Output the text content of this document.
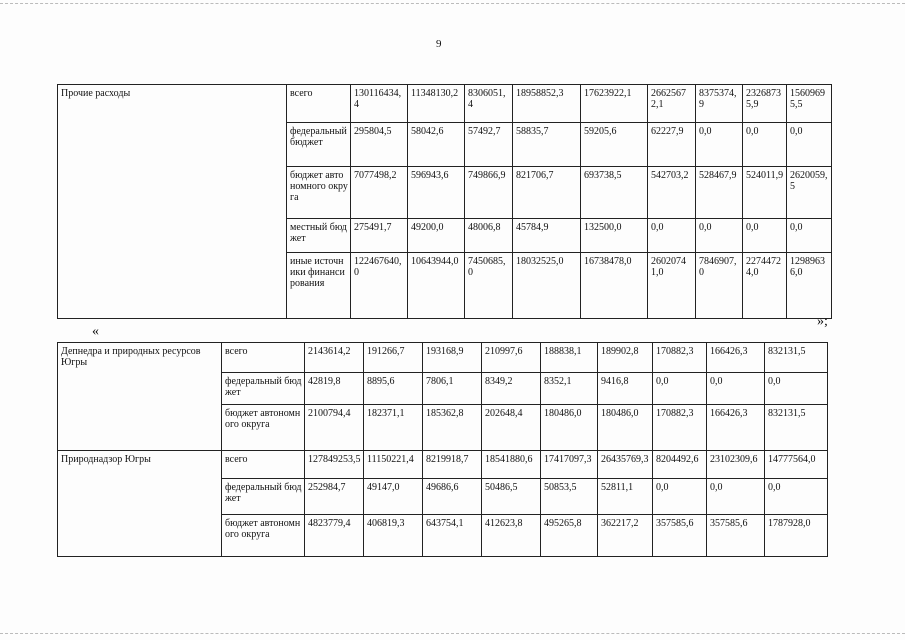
9
Прочие расходы	всего	130116434,4	11348130,2	8306051,4	18958852,3	17623922,1	26625672,1	8375374,9	23268735,9	15609695,5
	федеральный бюджет	295804,5	58042,6	57492,7	58835,7	59205,6	62227,9	0,0	0,0	0,0
	бюджет автономного округа	7077498,2	596943,6	749866,9	821706,7	693738,5	542703,2	528467,9	524011,9	2620059,5
	местный бюджет	275491,7	49200,0	48006,8	45784,9	132500,0	0,0	0,0	0,0	0,0
	иные источники финансирования	122467640,0	10643944,0	7450685,0	18032525,0	16738478,0	26020741,0	7846907,0	22744724,0	12989636,0
«
»;
Депнедра и природных ресурсов Югры	всего	2143614,2	191266,7	193168,9	210997,6	188838,1	189902,8	170882,3	166426,3	832131,5
	федеральный бюджет	42819,8	8895,6	7806,1	8349,2	8352,1	9416,8	0,0	0,0	0,0
	бюджет автономного округа	2100794,4	182371,1	185362,8	202648,4	180486,0	180486,0	170882,3	166426,3	832131,5
Природнадзор Югры	всего	127849253,5	11150221,4	8219918,7	18541880,6	17417097,3	26435769,3	8204492,6	23102309,6	14777564,0
	федеральный бюджет	252984,7	49147,0	49686,6	50486,5	50853,5	52811,1	0,0	0,0	0,0
	бюджет автономного округа	4823779,4	406819,3	643754,1	412623,8	495265,8	362217,2	357585,6	357585,6	1787928,0
